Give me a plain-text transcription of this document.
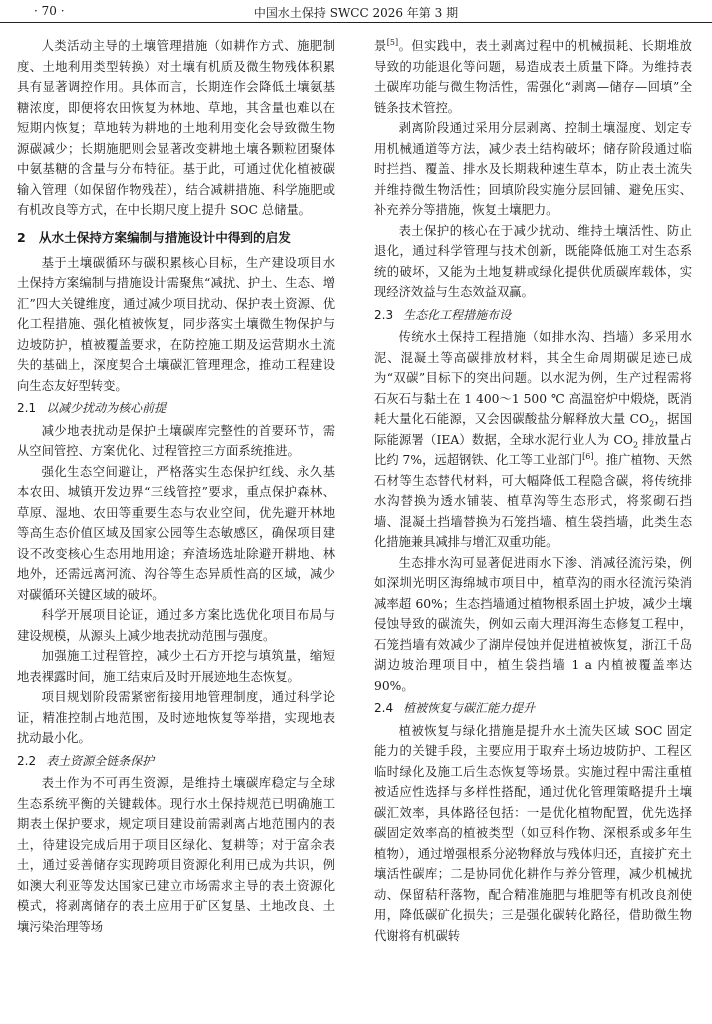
· 70 ·	中国水土保持 SWCC 2026 年第 3 期

人类活动主导的土壤管理措施（如耕作方式、施肥制度、土地利用类型转换）对土壤有机质及微生物残体积累具有显著调控作用。具体而言，长期连作会降低土壤氨基糖浓度，即便将农田恢复为林地、草地，其含量也难以在短期内恢复；草地转为耕地的土地利用变化会导致微生物源碳减少；长期施肥则会显著改变耕地土壤各颗粒团聚体中氨基糖的含量与分布特征。基于此，可通过优化植被碳输入管理（如保留作物残茬），结合减耕措施、科学施肥或有机改良等方式，在中长期尺度上提升 SOC 总储量。

2 从水土保持方案编制与措施设计中得到的启发

基于土壤碳循环与碳积累核心目标，生产建设项目水土保持方案编制与措施设计需聚焦“减扰、护土、生态、增汇”四大关键维度，通过减少项目扰动、保护表土资源、优化工程措施、强化植被恢复，同步落实土壤微生物保护与边坡防护，植被覆盖要求，在防控施工期及运营期水土流失的基础上，深度契合土壤碳汇管理理念，推动工程建设向生态友好型转变。

2.1 以减少扰动为核心前提

减少地表扰动是保护土壤碳库完整性的首要环节，需从空间管控、方案优化、过程管控三方面系统推进。

强化生态空间避让，严格落实生态保护红线、永久基本农田、城镇开发边界“三线管控”要求，重点保护森林、草原、湿地、农田等重要生态与农业空间，优先避开林地等高生态价值区域及国家公园等生态敏感区，确保项目建设不改变核心生态用地用途；弃渣场选址除避开耕地、林地外，还需远离河流、沟谷等生态异质性高的区域，减少对碳循环关键区域的破坏。

科学开展项目论证，通过多方案比选优化项目布局与建设规模，从源头上减少地表扰动范围与强度。

加强施工过程管控，减少土石方开挖与填筑量，缩短地表裸露时间，施工结束后及时开展迹地生态恢复。

项目规划阶段需紧密衔接用地管理制度，通过科学论证，精准控制占地范围，及时迹地恢复等举措，实现地表扰动最小化。

2.2 表土资源全链条保护

表土作为不可再生资源，是维持土壤碳库稳定与全球生态系统平衡的关键载体。现行水土保持规范已明确施工期表土保护要求，规定项目建设前需剥离占地范围内的表土，待建设完成后用于项目区绿化、复耕等；对于富余表土，通过妥善储存实现跨项目资源化利用已成为共识，例如澳大利亚等发达国家已建立市场需求主导的表土资源化模式，将剥离储存的表土应用于矿区复垦、土地改良、土壤污染治理等场

景[5]。但实践中，表土剥离过程中的机械损耗、长期堆放导致的功能退化等问题，易造成表土质量下降。为维持表土碳库功能与微生物活性，需强化“剥离—储存—回填”全链条技术管控。

剥离阶段通过采用分层剥离、控制土壤湿度、划定专用机械通道等方法，减少表土结构破坏；储存阶段通过临时拦挡、覆盖、排水及长期栽种速生草本，防止表土流失并维持微生物活性；回填阶段实施分层回铺、避免压实、补充养分等措施，恢复土壤肥力。

表土保护的核心在于减少扰动、维持土壤活性、防止退化，通过科学管理与技术创新，既能降低施工对生态系统的破坏，又能为土地复耕或绿化提供优质碳库载体，实现经济效益与生态效益双赢。

2.3 生态化工程措施布设

传统水土保持工程措施（如排水沟、挡墙）多采用水泥、混凝土等高碳排放材料，其全生命周期碳足迹已成为“双碳”目标下的突出问题。以水泥为例，生产过程需将石灰石与黏土在 1 400～1 500 ℃ 高温窑炉中煅烧，既消耗大量化石能源，又会因碳酸盐分解释放大量 $CO_2$，据国际能源署（IEA）数据，全球水泥行业人为 $CO_2$ 排放量占比约 7%，远超钢铁、化工等工业部门[6]。推广植物、天然石材等生态替代材料，可大幅降低工程隐含碳，将传统排水沟替换为透水铺装、植草沟等生态形式，将浆砌石挡墙、混凝土挡墙替换为石笼挡墙、植生袋挡墙，此类生态化措施兼具减排与增汇双重功能。

生态排水沟可显著促进雨水下渗、消减径流污染，例如深圳光明区海绵城市项目中，植草沟的雨水径流污染消减率超 60%；生态挡墙通过植物根系固土护坡，减少土壤侵蚀导致的碳流失，例如云南大理洱海生态修复工程中，石笼挡墙有效减少了湖岸侵蚀并促进植被恢复，浙江千岛湖边坡治理项目中，植生袋挡墙 1 a 内植被覆盖率达 90%。

2.4 植被恢复与碳汇能力提升

植被恢复与绿化措施是提升水土流失区域 SOC 固定能力的关键手段，主要应用于取弃土场边坡防护、工程区临时绿化及施工后生态恢复等场景。实施过程中需注重植被适应性选择与多样性搭配，通过优化管理策略提升土壤碳汇效率，具体路径包括：一是优化植物配置，优先选择碳固定效率高的植被类型（如豆科作物、深根系或多年生植物），通过增强根系分泌物释放与残体归还，直接扩充土壤活性碳库；二是协同优化耕作与养分管理，减少机械扰动、保留秸秆落物，配合精准施肥与堆肥等有机改良剂使用，降低碳矿化损失；三是强化碳转化路径，借助微生物代谢将有机碳转
